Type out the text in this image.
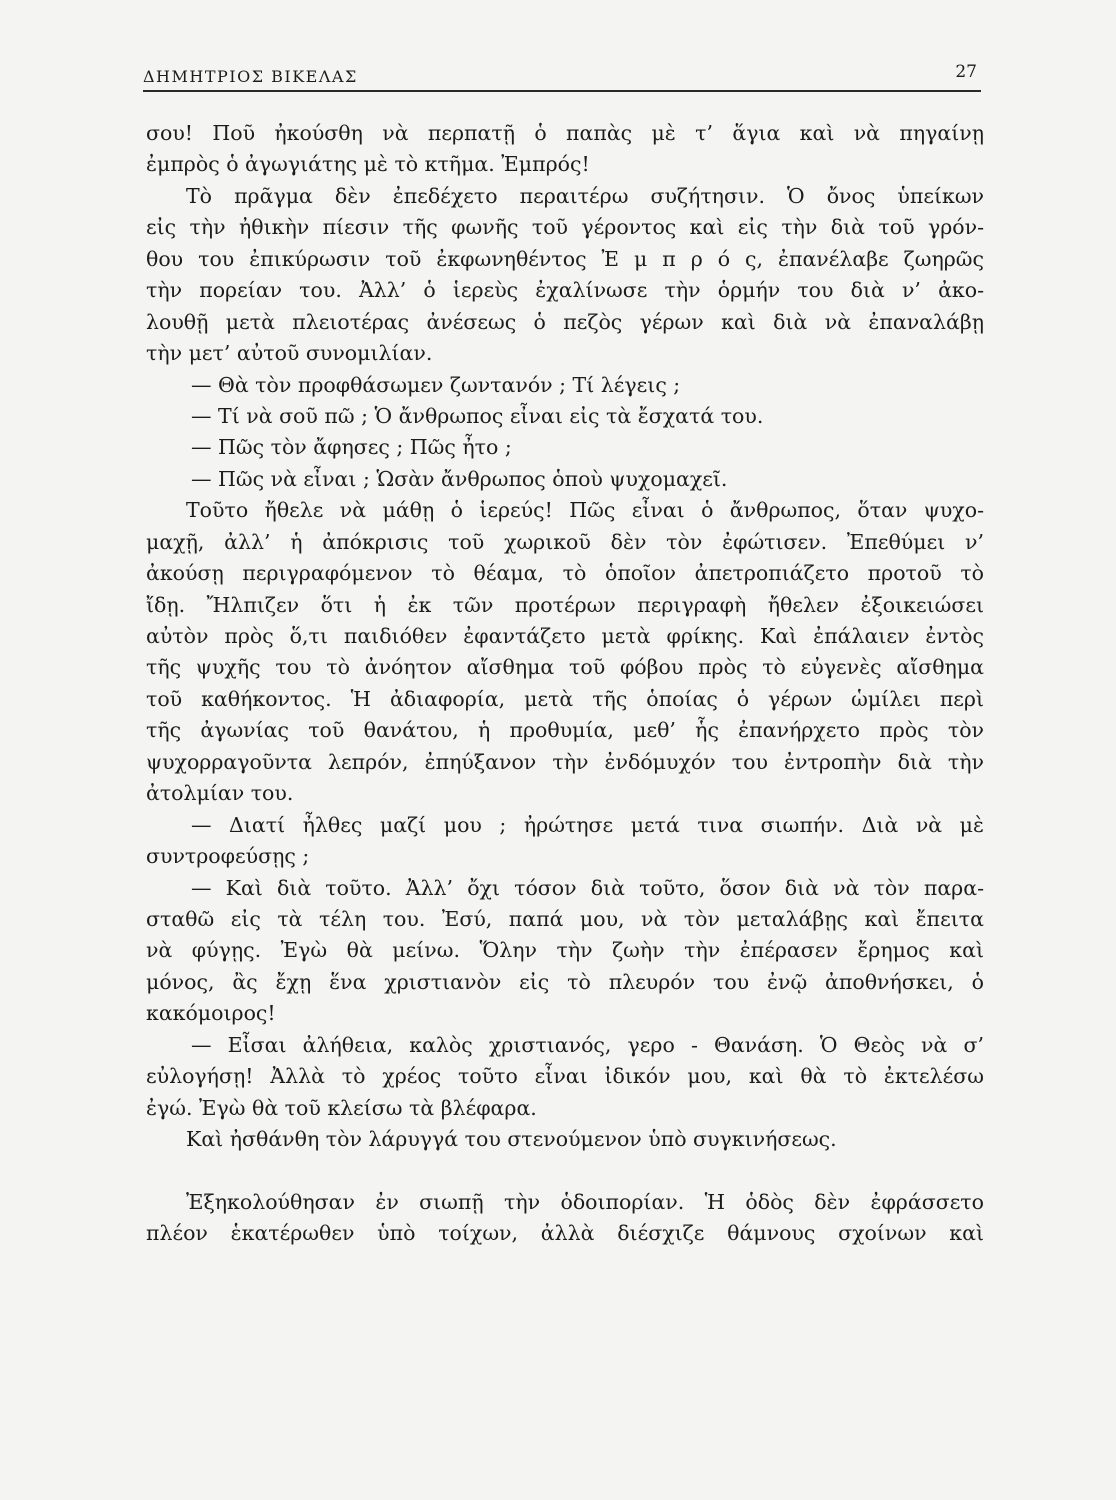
ΔΗΜΗΤΡΙΟΣ ΒΙΚΕΛΑΣ	27
σου! Ποῦ ἠκούσθη νὰ περπατῇ ὁ παπὰς μὲ τ’ ἅγια καὶ νὰ πηγαίνῃ
ἐμπρὸς ὁ ἀγωγιάτης μὲ τὸ κτῆμα. Ἐμπρός!
Τὸ πρᾶγμα δὲν ἐπεδέχετο περαιτέρω συζήτησιν. Ὁ ὄνος ὑπείκων
εἰς τὴν ἠθικὴν πίεσιν τῆς φωνῆς τοῦ γέροντος καὶ εἰς τὴν διὰ τοῦ γρόν-
θου του ἐπικύρωσιν τοῦ ἐκφωνηθέντος Ἐ μ π ρ ό ς, ἐπανέλαβε ζωηρῶς
τὴν πορείαν του. Ἀλλ’ ὁ ἱερεὺς ἐχαλίνωσε τὴν ὁρμήν του διὰ ν’ ἀκο-
λουθῇ μετὰ πλειοτέρας ἀνέσεως ὁ πεζὸς γέρων καὶ διὰ νὰ ἐπαναλάβῃ
τὴν μετ’ αὐτοῦ συνομιλίαν.
— Θὰ τὸν προφθάσωμεν ζωντανόν ; Τί λέγεις ;
— Τί νὰ σοῦ πῶ ; Ὁ ἄνθρωπος εἶναι εἰς τὰ ἔσχατά του.
— Πῶς τὸν ἄφησες ; Πῶς ἦτο ;
— Πῶς νὰ εἶναι ; Ὡσὰν ἄνθρωπος ὁποὺ ψυχομαχεῖ.
Τοῦτο ἤθελε νὰ μάθῃ ὁ ἱερεύς! Πῶς εἶναι ὁ ἄνθρωπος, ὅταν ψυχο-
μαχῇ, ἀλλ’ ἡ ἀπόκρισις τοῦ χωρικοῦ δὲν τὸν ἐφώτισεν. Ἐπεθύμει ν’
ἀκούσῃ περιγραφόμενον τὸ θέαμα, τὸ ὁποῖον ἀπετροπιάζετο προτοῦ τὸ
ἴδῃ. Ἤλπιζεν ὅτι ἡ ἐκ τῶν προτέρων περιγραφὴ ἤθελεν ἐξοικειώσει
αὐτὸν πρὸς ὅ,τι παιδιόθεν ἐφαντάζετο μετὰ φρίκης. Καὶ ἐπάλαιεν ἐντὸς
τῆς ψυχῆς του τὸ ἀνόητον αἴσθημα τοῦ φόβου πρὸς τὸ εὐγενὲς αἴσθημα
τοῦ καθήκοντος. Ἡ ἀδιαφορία, μετὰ τῆς ὁποίας ὁ γέρων ὡμίλει περὶ
τῆς ἀγωνίας τοῦ θανάτου, ἡ προθυμία, μεθ’ ἧς ἐπανήρχετο πρὸς τὸν
ψυχορραγοῦντα λεπρόν, ἐπηύξανον τὴν ἐνδόμυχόν του ἐντροπὴν διὰ τὴν
ἀτολμίαν του.
— Διατί ἦλθες μαζί μου ; ἠρώτησε μετά τινα σιωπήν. Διὰ νὰ μὲ
συντροφεύσῃς ;
— Καὶ διὰ τοῦτο. Ἀλλ’ ὄχι τόσον διὰ τοῦτο, ὅσον διὰ νὰ τὸν παρα-
σταθῶ εἰς τὰ τέλη του. Ἐσύ, παπά μου, νὰ τὸν μεταλάβῃς καὶ ἔπειτα
νὰ φύγῃς. Ἐγὼ θὰ μείνω. Ὅλην τὴν ζωὴν τὴν ἐπέρασεν ἔρημος καὶ
μόνος, ἂς ἔχῃ ἕνα χριστιανὸν εἰς τὸ πλευρόν του ἐνῷ ἀποθνήσκει, ὁ
κακόμοιρος!
— Εἶσαι ἀλήθεια, καλὸς χριστιανός, γερο - Θανάση. Ὁ Θεὸς νὰ σ’
εὐλογήσῃ! Ἀλλὰ τὸ χρέος τοῦτο εἶναι ἰδικόν μου, καὶ θὰ τὸ ἐκτελέσω
ἐγώ. Ἐγὼ θὰ τοῦ κλείσω τὰ βλέφαρα.
Καὶ ἠσθάνθη τὸν λάρυγγά του στενούμενον ὑπὸ συγκινήσεως.
Ἐξηκολούθησαν ἐν σιωπῇ τὴν ὁδοιπορίαν. Ἡ ὁδὸς δὲν ἐφράσσετο
πλέον ἑκατέρωθεν ὑπὸ τοίχων, ἀλλὰ διέσχιζε θάμνους σχοίνων καὶ
